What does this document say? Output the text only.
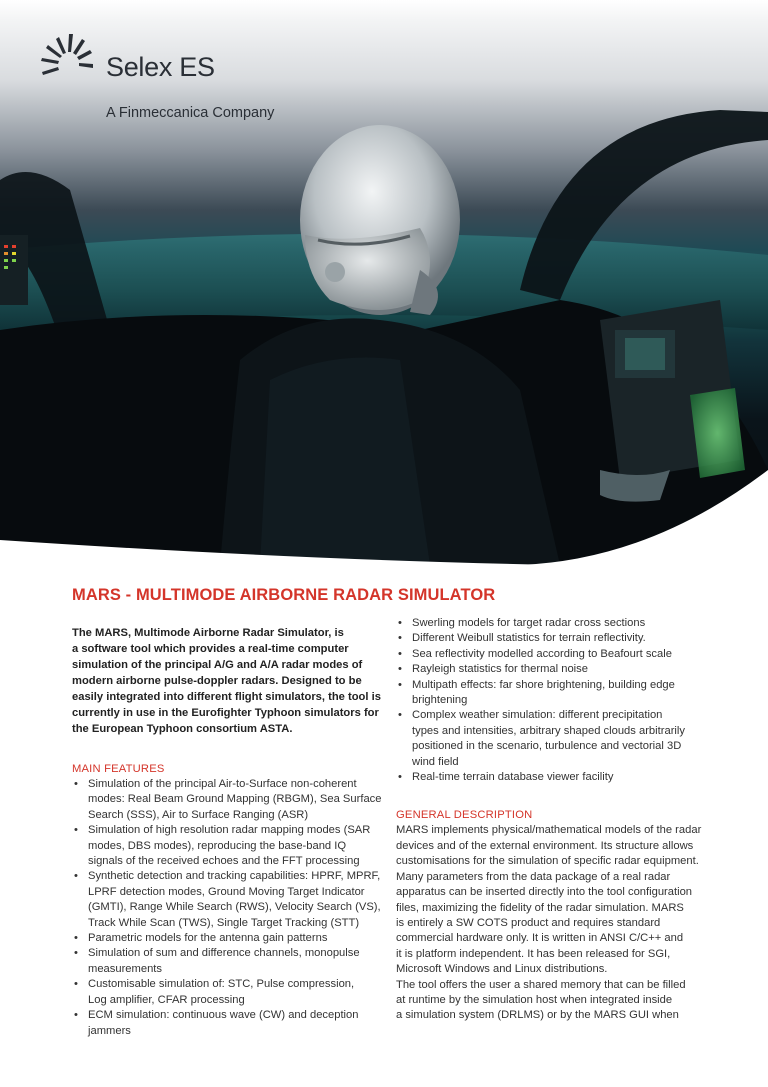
Selex ES
A Finmeccanica Company
MARS - MULTIMODE AIRBORNE RADAR SIMULATOR

The MARS, Multimode Airborne Radar Simulator, is
a software tool which provides a real-time computer
simulation of the principal A/G and A/A radar modes of
modern airborne pulse-doppler radars. Designed to be
easily integrated into different flight simulators, the tool is
currently in use in the Eurofighter Typhoon simulators for
the European Typhoon consortium ASTA.

MAIN FEATURES
• Simulation of the principal Air-to-Surface non-coherent
modes: Real Beam Ground Mapping (RBGM), Sea Surface
Search (SSS), Air to Surface Ranging (ASR)
• Simulation of high resolution radar mapping modes (SAR
modes, DBS modes), reproducing the base-band IQ
signals of the received echoes and the FFT processing
• Synthetic detection and tracking capabilities: HPRF, MPRF,
LPRF detection modes, Ground Moving Target Indicator
(GMTI), Range While Search (RWS), Velocity Search (VS),
Track While Scan (TWS), Single Target Tracking (STT)
• Parametric models for the antenna gain patterns
• Simulation of sum and difference channels, monopulse
measurements
• Customisable simulation of: STC, Pulse compression,
Log amplifier, CFAR processing
• ECM simulation: continuous wave (CW) and deception
jammers
• Swerling models for target radar cross sections
• Different Weibull statistics for terrain reflectivity.
• Sea reflectivity modelled according to Beafourt scale
• Rayleigh statistics for thermal noise
• Multipath effects: far shore brightening, building edge
brightening
• Complex weather simulation: different precipitation
types and intensities, arbitrary shaped clouds arbitrarily
positioned in the scenario, turbulence and vectorial 3D
wind field
• Real-time terrain database viewer facility
GENERAL DESCRIPTION
MARS implements physical/mathematical models of the radar
devices and of the external environment. Its structure allows
customisations for the simulation of specific radar equipment.
Many parameters from the data package of a real radar
apparatus can be inserted directly into the tool configuration
files, maximizing the fidelity of the radar simulation. MARS
is entirely a SW COTS product and requires standard
commercial hardware only. It is written in ANSI C/C++ and
it is platform independent. It has been released for SGI,
Microsoft Windows and Linux distributions.
The tool offers the user a shared memory that can be filled
at runtime by the simulation host when integrated inside
a simulation system (DRLMS) or by the MARS GUI when
